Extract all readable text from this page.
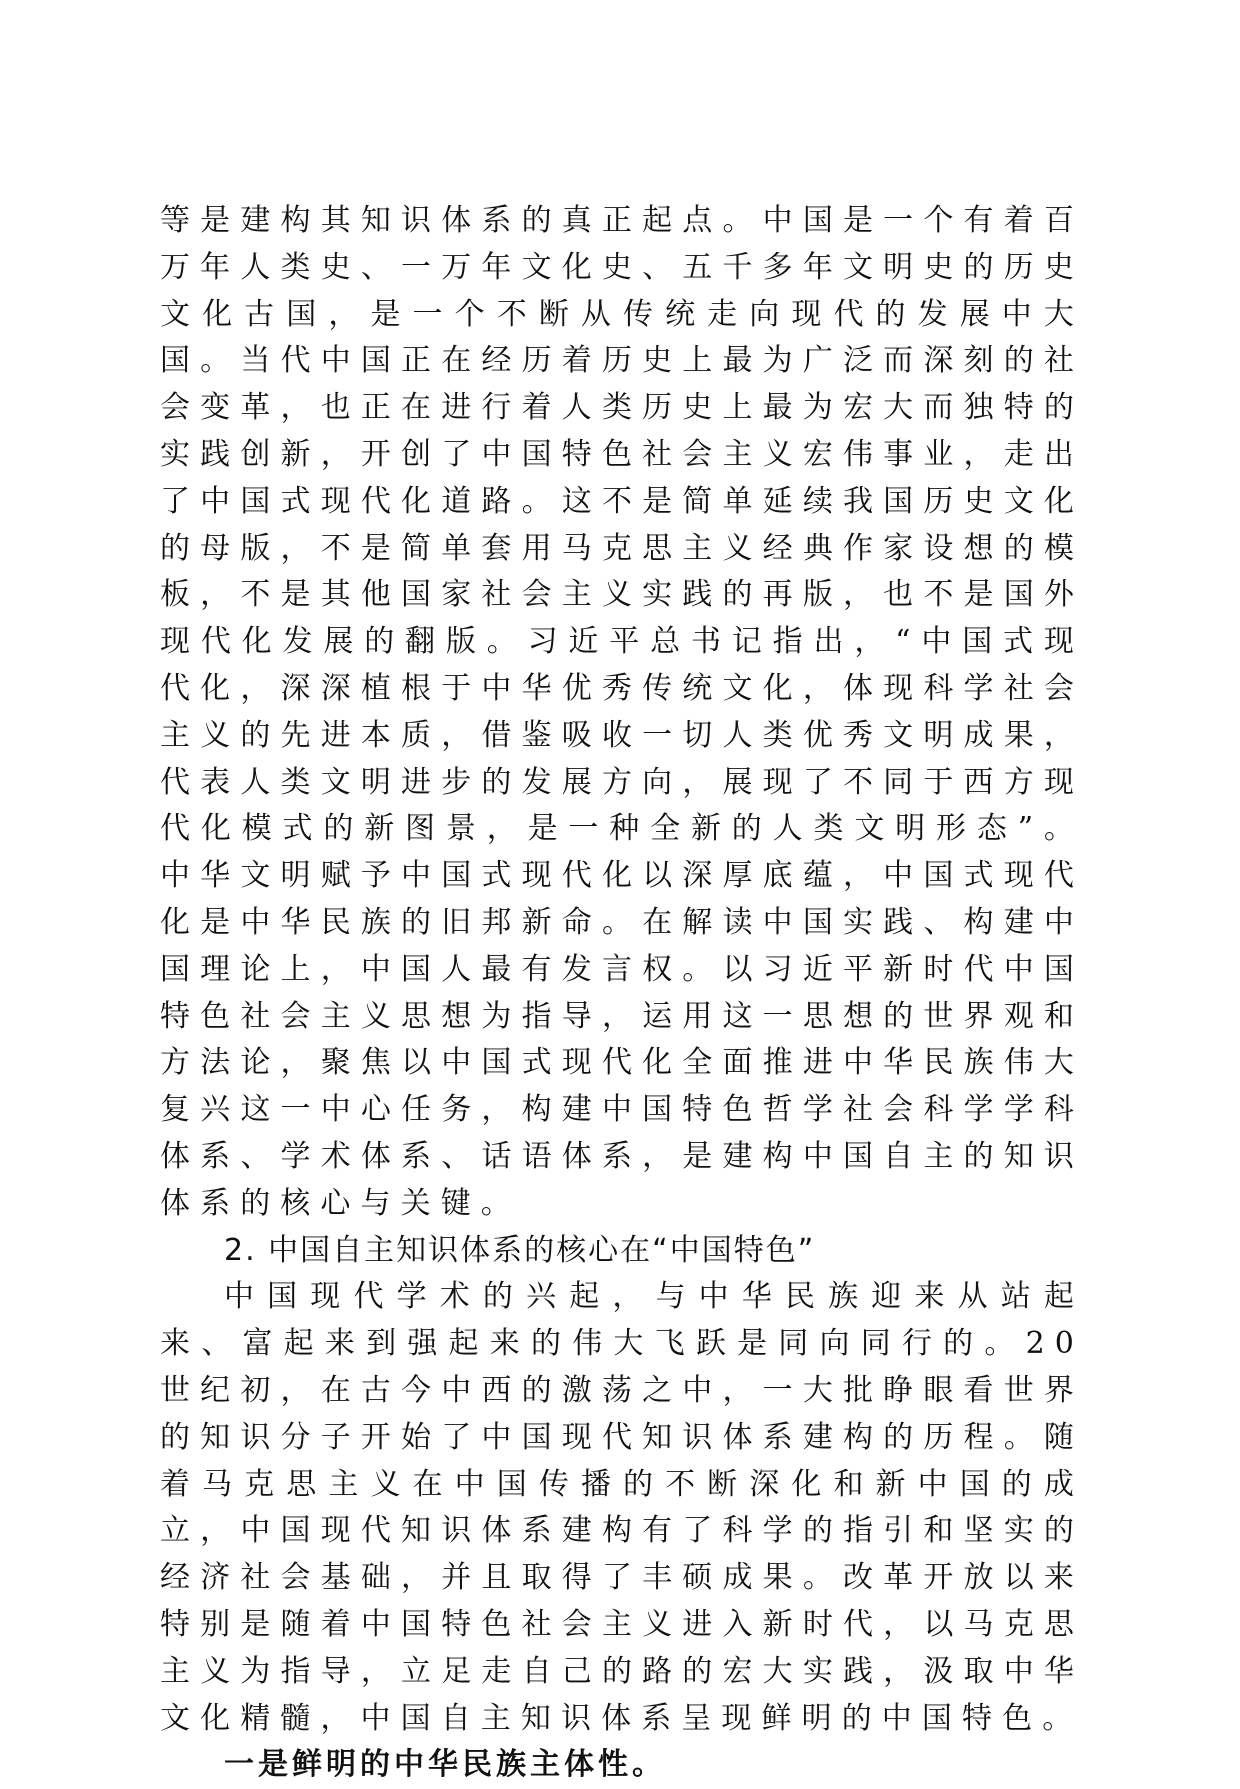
等是建构其知识体系的真正起点。中国是一个有着百万年人类史、一万年文化史、五千多年文明史的历史文化古国，是一个不断从传统走向现代的发展中大国。当代中国正在经历着历史上最为广泛而深刻的社会变革，也正在进行着人类历史上最为宏大而独特的实践创新，开创了中国特色社会主义宏伟事业，走出了中国式现代化道路。这不是简单延续我国历史文化的母版，不是简单套用马克思主义经典作家设想的模板，不是其他国家社会主义实践的再版，也不是国外现代化发展的翻版。习近平总书记指出，“中国式现代化，深深植根于中华优秀传统文化，体现科学社会主义的先进本质，借鉴吸收一切人类优秀文明成果，代表人类文明进步的发展方向，展现了不同于西方现代化模式的新图景，是一种全新的人类文明形态”。中华文明赋予中国式现代化以深厚底蕴，中国式现代化是中华民族的旧邦新命。在解读中国实践、构建中国理论上，中国人最有发言权。以习近平新时代中国特色社会主义思想为指导，运用这一思想的世界观和方法论，聚焦以中国式现代化全面推进中华民族伟大复兴这一中心任务，构建中国特色哲学社会科学学科体系、学术体系、话语体系，是建构中国自主的知识体系的核心与关键。

2. 中国自主知识体系的核心在“中国特色”

中国现代学术的兴起，与中华民族迎来从站起来、富起来到强起来的伟大飞跃是同向同行的。20世纪初，在古今中西的激荡之中，一大批睁眼看世界的知识分子开始了中国现代知识体系建构的历程。随着马克思主义在中国传播的不断深化和新中国的成立，中国现代知识体系建构有了科学的指引和坚实的经济社会基础，并且取得了丰硕成果。改革开放以来特别是随着中国特色社会主义进入新时代，以马克思主义为指导，立足走自己的路的宏大实践，汲取中华文化精髓，中国自主知识体系呈现鲜明的中国特色。

一是鲜明的中华民族主体性。
